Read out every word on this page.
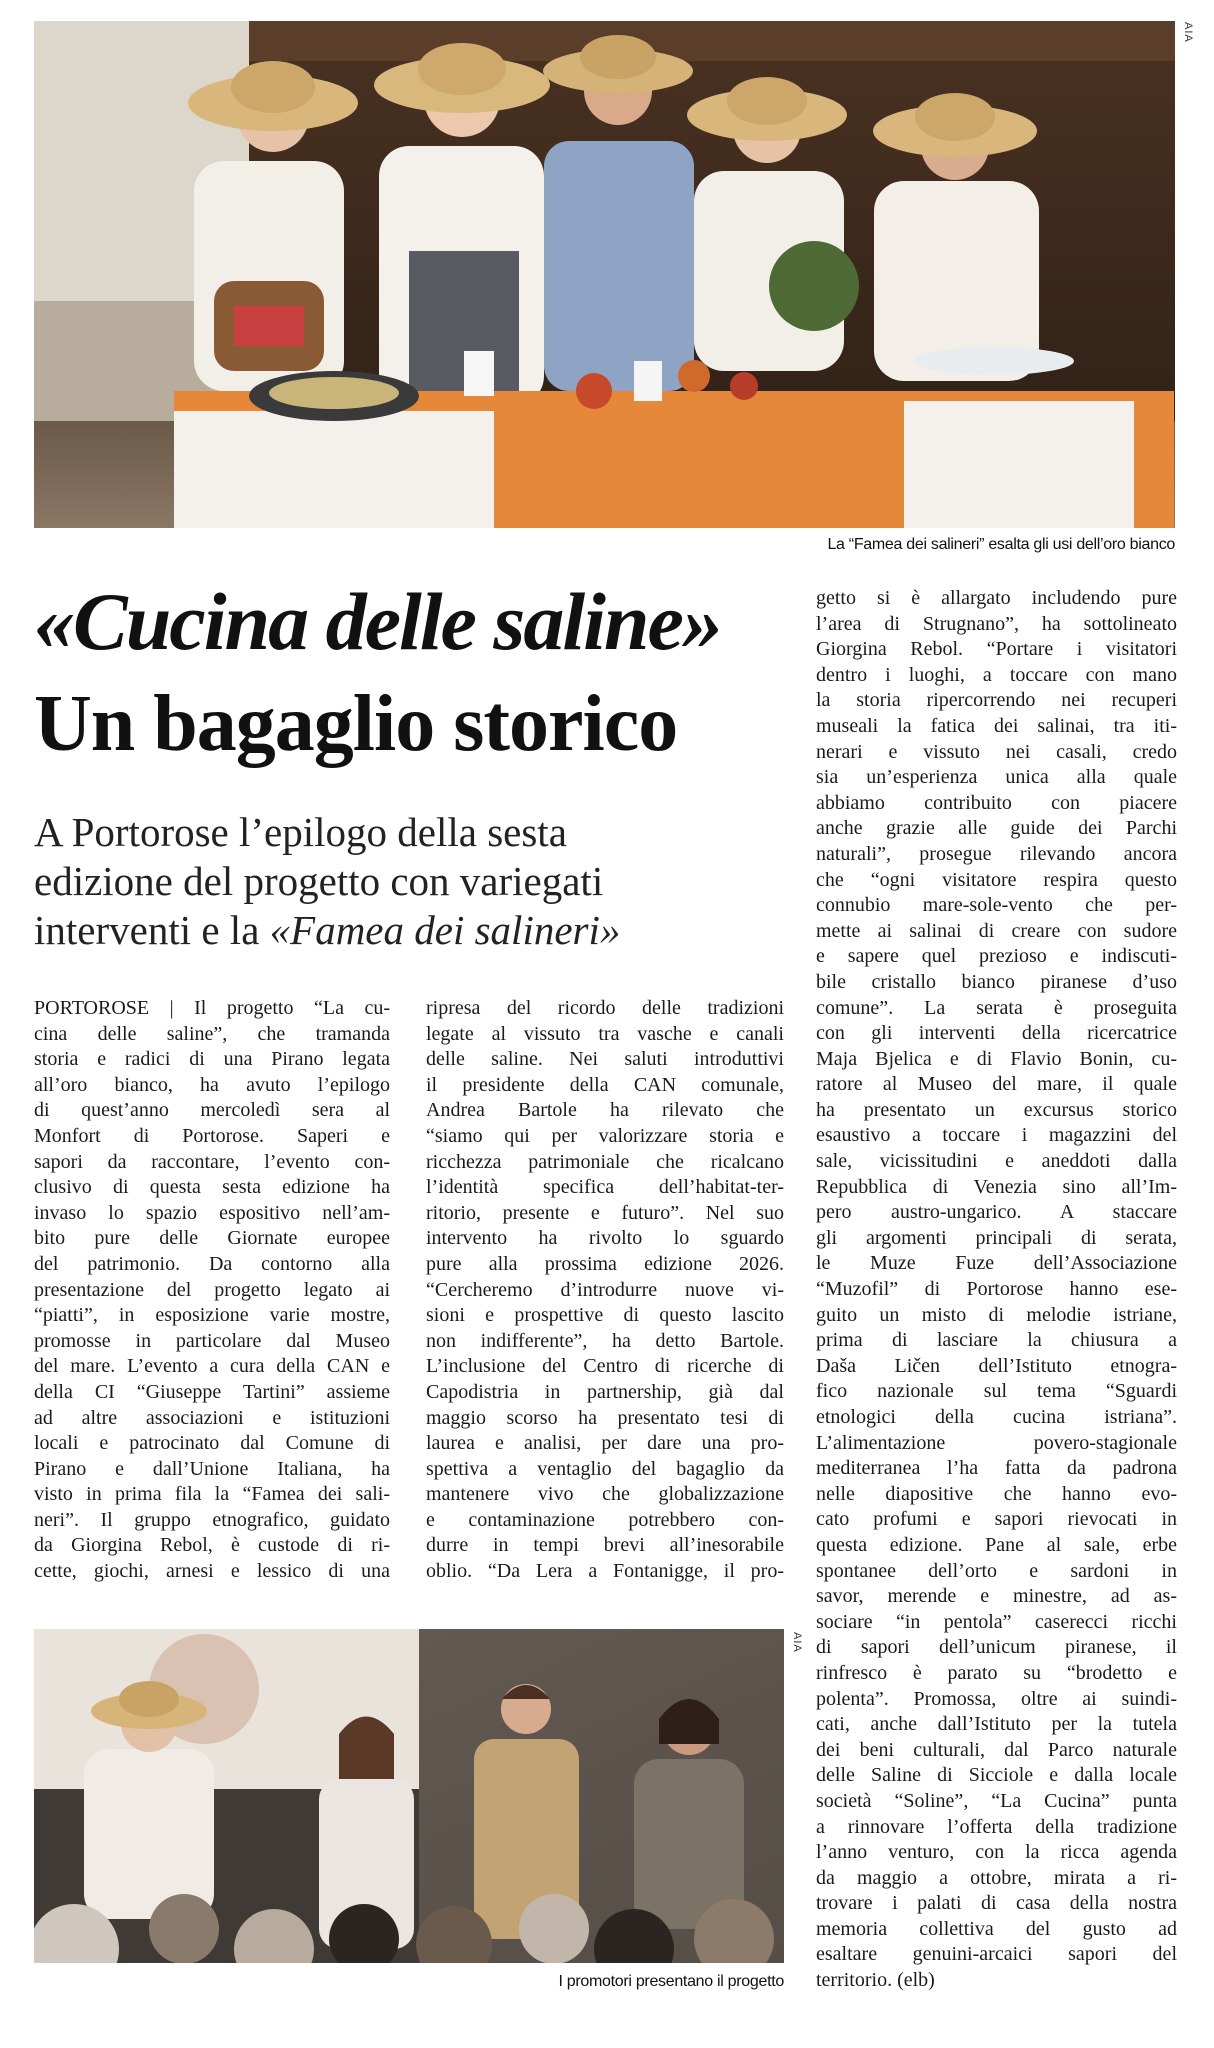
AIA
La “Famea dei salineri” esalta gli usi dell’oro bianco
«Cucina delle saline»
Un bagaglio storico
A Portorose l’epilogo della sesta
edizione del progetto con variegati
interventi e la «Famea dei salineri»
PORTOROSE | Il progetto “La cu-
cina delle saline”, che tramanda
storia e radici di una Pirano legata
all’oro bianco, ha avuto l’epilogo
di quest’anno mercoledì sera al
Monfort di Portorose. Saperi e
sapori da raccontare, l’evento con-
clusivo di questa sesta edizione ha
invaso lo spazio espositivo nell’am-
bito pure delle Giornate europee
del patrimonio. Da contorno alla
presentazione del progetto legato ai
“piatti”, in esposizione varie mostre,
promosse in particolare dal Museo
del mare. L’evento a cura della CAN e
della CI “Giuseppe Tartini” assieme
ad altre associazioni e istituzioni
locali e patrocinato dal Comune di
Pirano e dall’Unione Italiana, ha
visto in prima fila la “Famea dei sali-
neri”. Il gruppo etnografico, guidato
da Giorgina Rebol, è custode di ri-
cette, giochi, arnesi e lessico di una
ripresa del ricordo delle tradizioni
legate al vissuto tra vasche e canali
delle saline. Nei saluti introduttivi
il presidente della CAN comunale,
Andrea Bartole ha rilevato che
“siamo qui per valorizzare storia e
ricchezza patrimoniale che ricalcano
l’identità specifica dell’habitat-ter-
ritorio, presente e futuro”. Nel suo
intervento ha rivolto lo sguardo
pure alla prossima edizione 2026.
“Cercheremo d’introdurre nuove vi-
sioni e prospettive di questo lascito
non indifferente”, ha detto Bartole.
L’inclusione del Centro di ricerche di
Capodistria in partnership, già dal
maggio scorso ha presentato tesi di
laurea e analisi, per dare una pro-
spettiva a ventaglio del bagaglio da
mantenere vivo che globalizzazione
e contaminazione potrebbero con-
durre in tempi brevi all’inesorabile
oblio. “Da Lera a Fontanigge, il pro-
getto si è allargato includendo pure
l’area di Strugnano”, ha sottolineato
Giorgina Rebol. “Portare i visitatori
dentro i luoghi, a toccare con mano
la storia ripercorrendo nei recuperi
museali la fatica dei salinai, tra iti-
nerari e vissuto nei casali, credo
sia un’esperienza unica alla quale
abbiamo contribuito con piacere
anche grazie alle guide dei Parchi
naturali”, prosegue rilevando ancora
che “ogni visitatore respira questo
connubio mare-sole-vento che per-
mette ai salinai di creare con sudore
e sapere quel prezioso e indiscuti-
bile cristallo bianco piranese d’uso
comune”. La serata è proseguita
con gli interventi della ricercatrice
Maja Bjelica e di Flavio Bonin, cu-
ratore al Museo del mare, il quale
ha presentato un excursus storico
esaustivo a toccare i magazzini del
sale, vicissitudini e aneddoti dalla
Repubblica di Venezia sino all’Im-
pero austro-ungarico. A staccare
gli argomenti principali di serata,
le Muze Fuze dell’Associazione
“Muzofil” di Portorose hanno ese-
guito un misto di melodie istriane,
prima di lasciare la chiusura a
Daša Ličen dell’Istituto etnogra-
fico nazionale sul tema “Sguardi
etnologici della cucina istriana”.
L’alimentazione povero-stagionale
mediterranea l’ha fatta da padrona
nelle diapositive che hanno evo-
cato profumi e sapori rievocati in
questa edizione. Pane al sale, erbe
spontanee dell’orto e sardoni in
savor, merende e minestre, ad as-
sociare “in pentola” caserecci ricchi
di sapori dell’unicum piranese, il
rinfresco è parato su “brodetto e
polenta”. Promossa, oltre ai suindi-
cati, anche dall’Istituto per la tutela
dei beni culturali, dal Parco naturale
delle Saline di Sicciole e dalla locale
società “Soline”, “La Cucina” punta
a rinnovare l’offerta della tradizione
l’anno venturo, con la ricca agenda
da maggio a ottobre, mirata a ri-
trovare i palati di casa della nostra
memoria collettiva del gusto ad
esaltare genuini-arcaici sapori del
territorio. (elb)
AIA
I promotori presentano il progetto
